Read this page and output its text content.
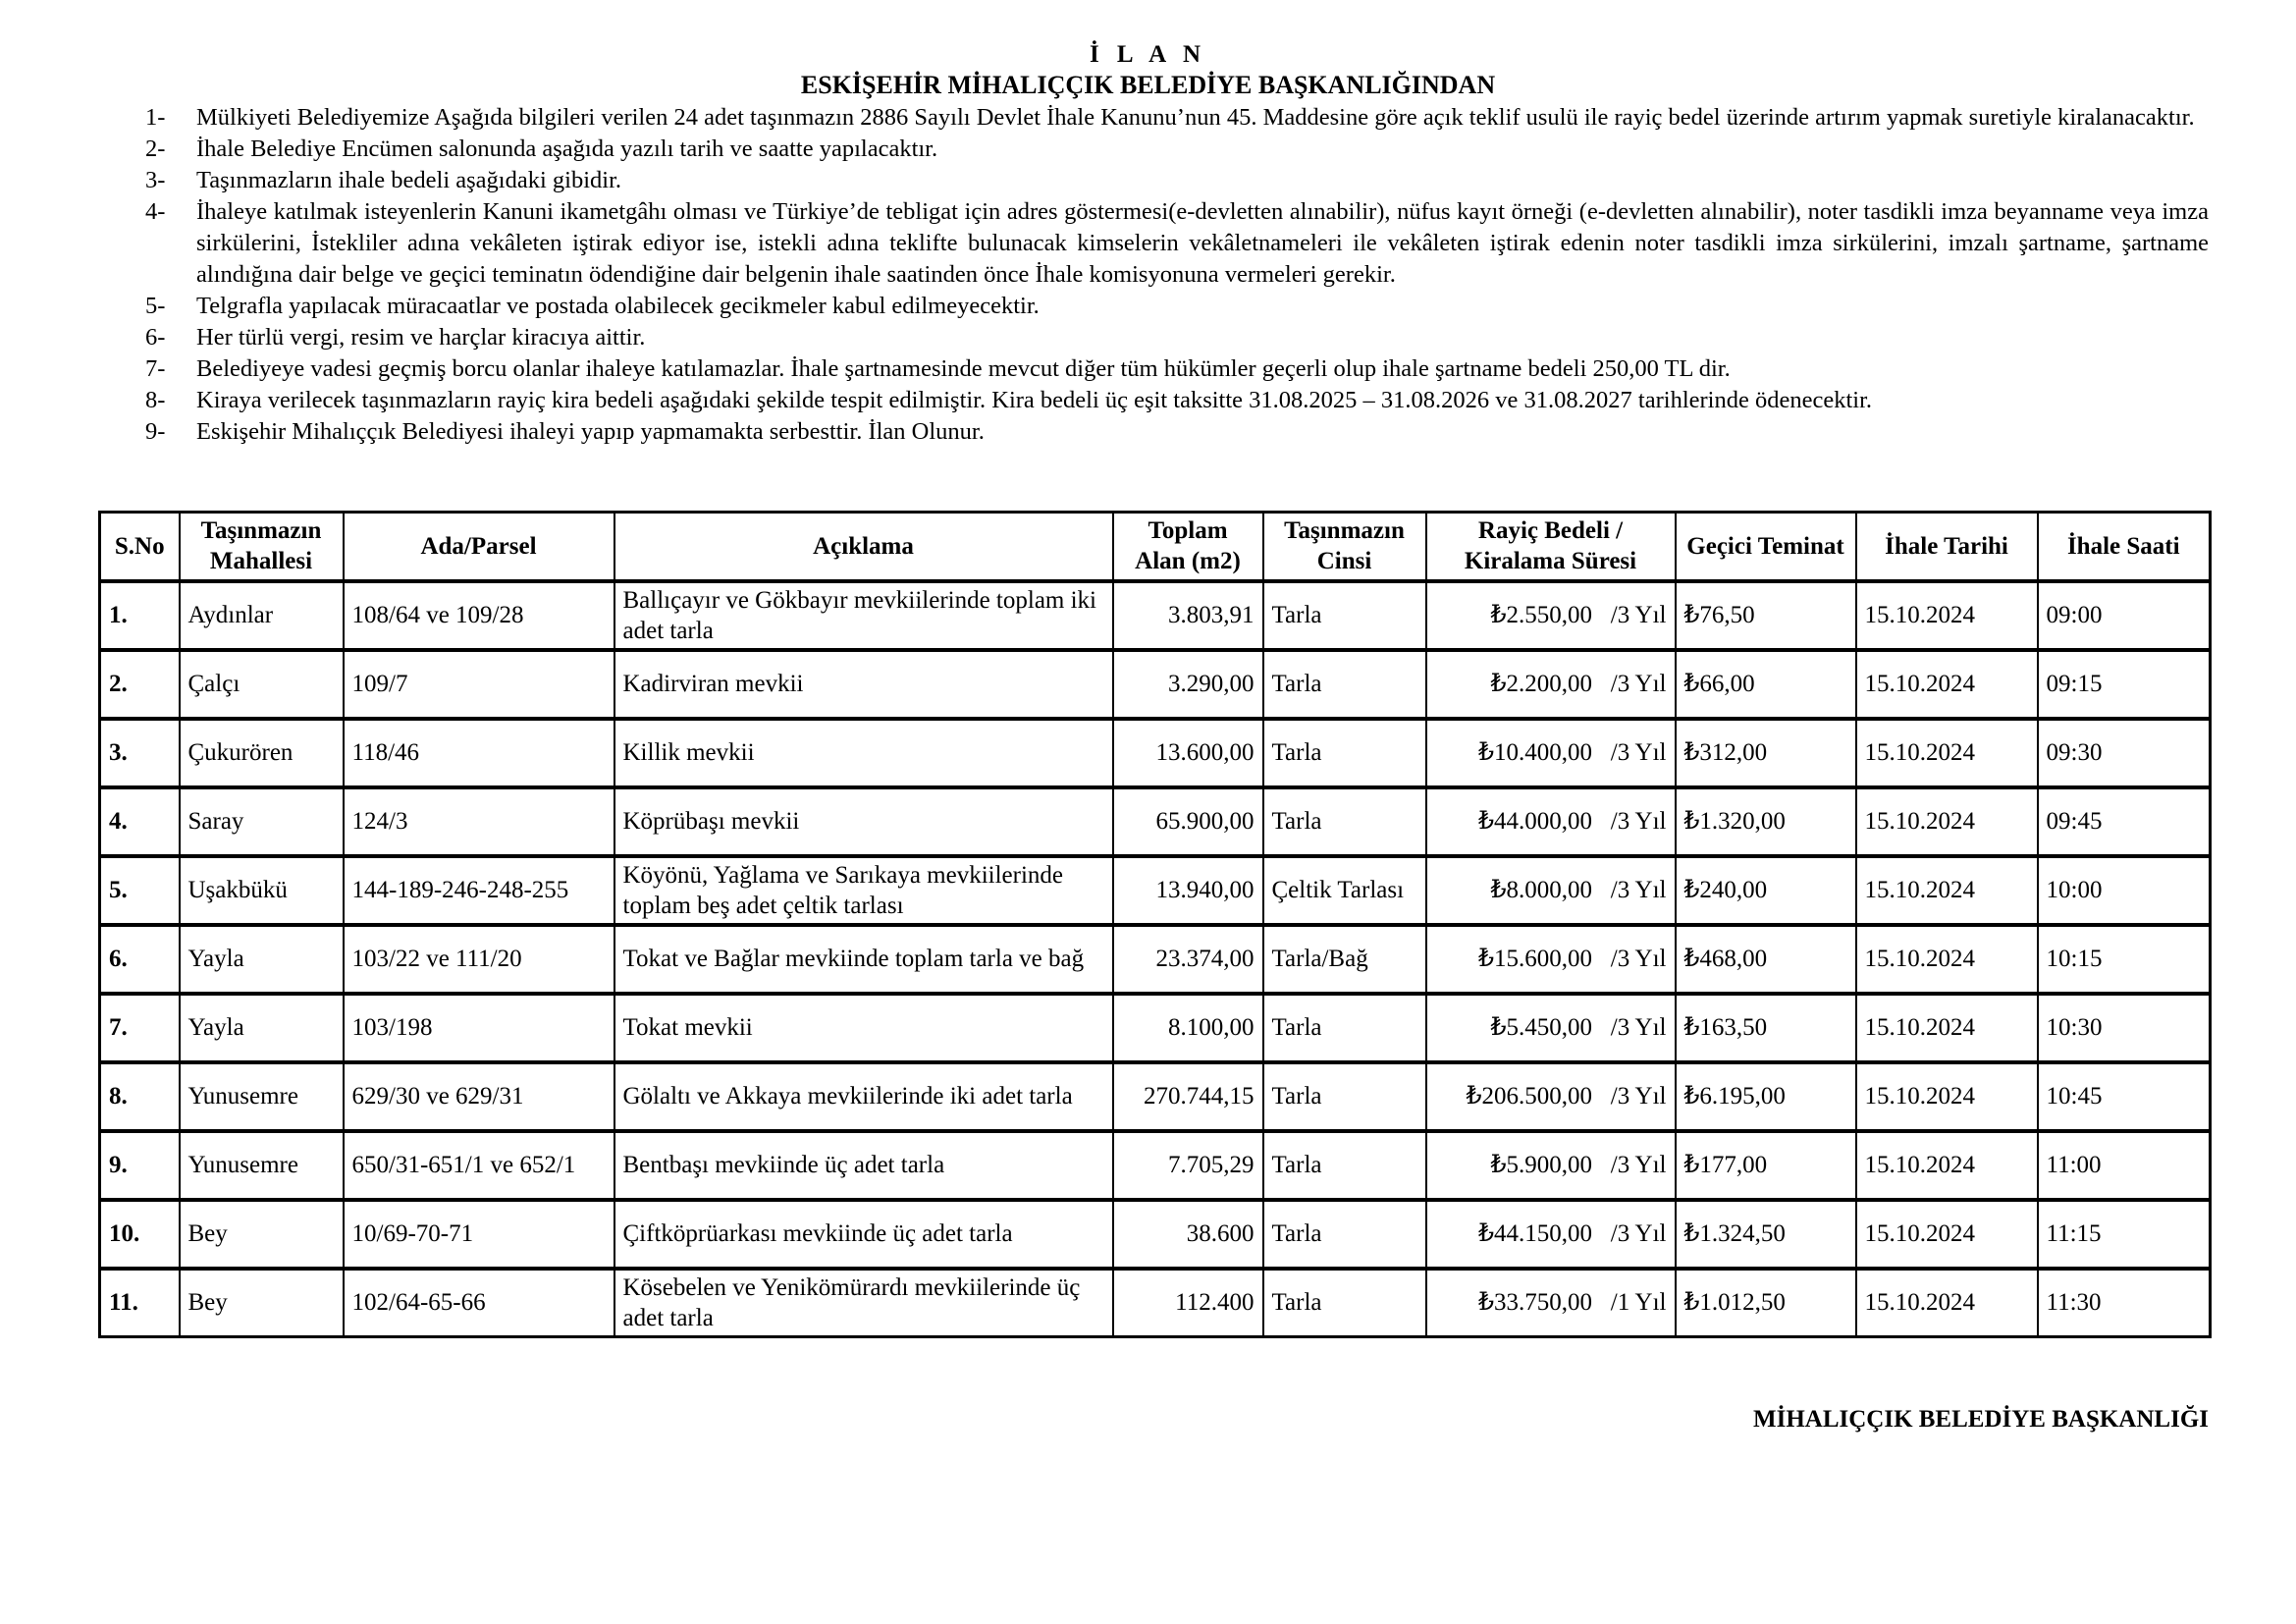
İ L A N
ESKİŞEHİR MİHALIÇÇIK BELEDİYE BAŞKANLIĞINDAN
1- Mülkiyeti Belediyemize Aşağıda bilgileri verilen 24 adet taşınmazın 2886 Sayılı Devlet İhale Kanunu’nun 45. Maddesine göre açık teklif usulü ile rayiç bedel üzerinde artırım yapmak suretiyle kiralanacaktır.
2- İhale Belediye Encümen salonunda aşağıda yazılı tarih ve saatte yapılacaktır.
3- Taşınmazların ihale bedeli aşağıdaki gibidir.
4- İhaleye katılmak isteyenlerin Kanuni ikametgâhı olması ve Türkiye’de tebligat için adres göstermesi(e-devletten alınabilir), nüfus kayıt örneği (e-devletten alınabilir), noter tasdikli imza beyanname veya imza sirkülerini, İstekliler adına vekâleten iştirak ediyor ise, istekli adına teklifte bulunacak kimselerin vekâletnameleri ile vekâleten iştirak edenin noter tasdikli imza sirkülerini, imzalı şartname, şartname alındığına dair belge ve geçici teminatın ödendiğine dair belgenin ihale saatinden önce İhale komisyonuna vermeleri gerekir.
5- Telgrafla yapılacak müracaatlar ve postada olabilecek gecikmeler kabul edilmeyecektir.
6- Her türlü vergi, resim ve harçlar kiracıya aittir.
7- Belediyeye vadesi geçmiş borcu olanlar ihaleye katılamazlar. İhale şartnamesinde mevcut diğer tüm hükümler geçerli olup ihale şartname bedeli 250,00 TL dir.
8- Kiraya verilecek taşınmazların rayiç kira bedeli aşağıdaki şekilde tespit edilmiştir. Kira bedeli üç eşit taksitte 31.08.2025 – 31.08.2026 ve 31.08.2027 tarihlerinde ödenecektir.
9- Eskişehir Mihalıççık Belediyesi ihaleyi yapıp yapmamakta serbesttir. İlan Olunur.
S.No	Taşınmazın Mahallesi	Ada/Parsel	Açıklama	Toplam Alan (m2)	Taşınmazın Cinsi	Rayiç Bedeli / Kiralama Süresi	Geçici Teminat	İhale Tarihi	İhale Saati
1.	Aydınlar	108/64 ve 109/28	Ballıçayır ve Gökbayır mevkiilerinde toplam iki adet tarla	3.803,91	Tarla	₺2.550,00 /3 Yıl	₺76,50	15.10.2024	09:00
2.	Çalçı	109/7	Kadirviran mevkii	3.290,00	Tarla	₺2.200,00 /3 Yıl	₺66,00	15.10.2024	09:15
3.	Çukurören	118/46	Killik mevkii	13.600,00	Tarla	₺10.400,00 /3 Yıl	₺312,00	15.10.2024	09:30
4.	Saray	124/3	Köprübaşı mevkii	65.900,00	Tarla	₺44.000,00 /3 Yıl	₺1.320,00	15.10.2024	09:45
5.	Uşakbükü	144-189-246-248-255	Köyönü, Yağlama ve Sarıkaya mevkiilerinde toplam beş adet çeltik tarlası	13.940,00	Çeltik Tarlası	₺8.000,00 /3 Yıl	₺240,00	15.10.2024	10:00
6.	Yayla	103/22 ve 111/20	Tokat ve Bağlar mevkiinde toplam tarla ve bağ	23.374,00	Tarla/Bağ	₺15.600,00 /3 Yıl	₺468,00	15.10.2024	10:15
7.	Yayla	103/198	Tokat mevkii	8.100,00	Tarla	₺5.450,00 /3 Yıl	₺163,50	15.10.2024	10:30
8.	Yunusemre	629/30 ve 629/31	Gölaltı ve Akkaya mevkiilerinde iki adet tarla	270.744,15	Tarla	₺206.500,00 /3 Yıl	₺6.195,00	15.10.2024	10:45
9.	Yunusemre	650/31-651/1 ve 652/1	Bentbaşı mevkiinde üç adet tarla	7.705,29	Tarla	₺5.900,00 /3 Yıl	₺177,00	15.10.2024	11:00
10.	Bey	10/69-70-71	Çiftköprüarkası mevkiinde üç adet tarla	38.600	Tarla	₺44.150,00 /3 Yıl	₺1.324,50	15.10.2024	11:15
11.	Bey	102/64-65-66	Kösebelen ve Yenikömürardı mevkiilerinde üç adet tarla	112.400	Tarla	₺33.750,00 /1 Yıl	₺1.012,50	15.10.2024	11:30
MİHALIÇÇIK BELEDİYE BAŞKANLIĞI
